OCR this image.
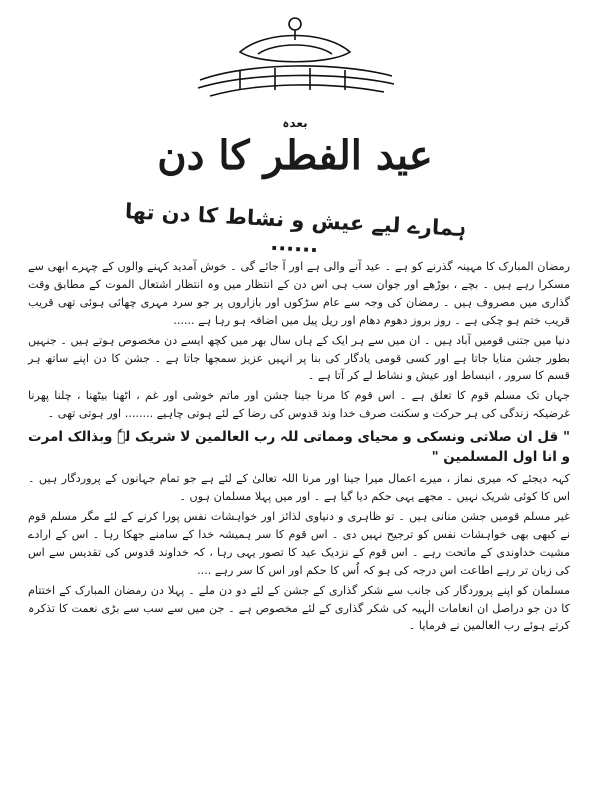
بعدہ
عید الفطر کا دن
ہمارے لیے عیش و نشاط کا دن تھا ......

رمضان المبارک کا مہینہ گذرنے کو ہے ۔ عید آنے والی ہے اور آ جائے گی ۔ خوش آمدید کہنے والوں کے چہرے ابھی سے مسکرا رہے ہیں ۔ بچے ، بوڑھے اور جوان سب ہی اس دن کے انتظار میں وہ انتظار اشتعال الموت کے مطابق وقت گذاری میں مصروف ہیں ۔ رمضان کی وجہ سے عام سڑکوں اور بازاروں پر جو سرد مہری چھائی ہوئی تھی قریب قریب ختم ہو چکی ہے ۔ روز بروز دھوم دھام اور ریل پیل میں اضافہ ہو رہا ہے ......

دنیا میں جتنی قومیں آباد ہیں ۔ ان میں سے ہر ایک کے ہاں سال بھر میں کچھ ایسے دن مخصوص ہوتے ہیں ۔ جنہیں بطور جشن منایا جاتا ہے اور کسی قومی یادگار کی بنا پر انہیں عزیز سمجھا جاتا ہے ۔ جشن کا دن اپنے ساتھ ہر قسم کا سرور ، انبساط اور عیش و نشاط لے کر آتا ہے ۔

جہاں تک مسلم قوم کا تعلق ہے ۔ اس قوم کا مرنا جینا جشن اور ماتم خوشی اور غم ، اٹھنا بیٹھنا ، چلنا پھرنا غرضیکہ زندگی کی ہر حرکت و سکنت صرف خدا وند قدوس کی رضا کے لئے ہوتی چاہیے ........ اور ہوتی تھی ۔

" قل ان صلاتی ونسکی و محیای ومماتی للہ رب العالمین لا شریک لہٗ وبذالک امرت و انا اول المسلمین "

کہہ دیجئے کہ میری نماز ، میرے اعمال میرا جینا اور مرنا اللہ تعالیٰ کے لئے ہے جو تمام جہانوں کے پروردگار ہیں ۔ اس کا کوئی شریک نہیں ۔ مجھے یہی حکم دیا گیا ہے ۔ اور میں پہلا مسلمان ہوں ۔

غیر مسلم قومیں جشن منانی ہیں ۔ تو ظاہری و دنیاوی لذائز اور خواہشات نفس پورا کرنے کے لئے مگر مسلم قوم نے کبھی بھی خواہشات نفس کو ترجیح نہیں دی ۔ اس قوم کا سر ہمیشہ خدا کے سامنے جھکا رہا ۔ اس کے ارادے مشیت خداوندی کے ماتحت رہے ۔ اس قوم کے نزدیک عید کا تصور یہی رہا ، کہ خداوند قدوس کی تقدیس سے اس کی زبان تر رہے اطاعت اس درجہ کی ہو کہ اُس کا حکم اور اس کا سر رہے ....

مسلمان کو اپنے پروردگار کی جانب سے شکر گذاری کے جشن کے لئے دو دن ملے ۔ پہلا دن رمضان المبارک کے اختتام کا دن جو دراصل ان انعامات الٰہیہ کی شکر گذاری کے لئے مخصوص ہے ۔ جن میں سے سب سے بڑی نعمت کا تذکرہ کرتے ہوئے رب العالمین نے فرمایا ۔
